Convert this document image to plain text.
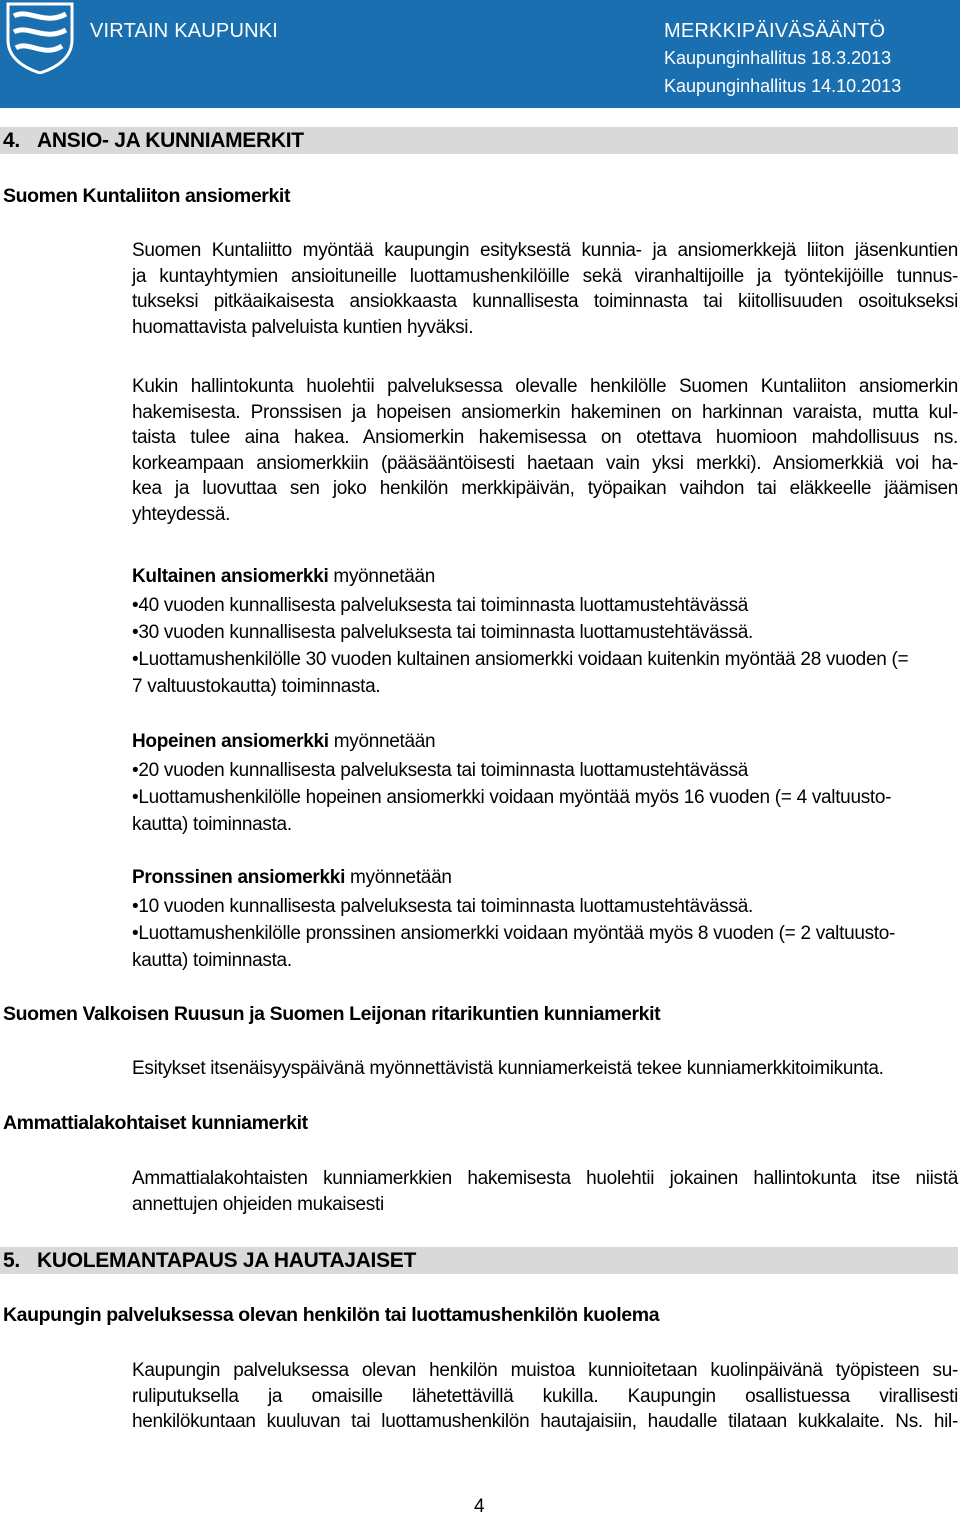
VIRTAIN KAUPUNKI	MERKKIPÄIVÄSÄÄNTÖ
Kaupunginhallitus 18.3.2013
Kaupunginhallitus 14.10.2013
4. ANSIO- JA KUNNIAMERKIT
Suomen Kuntaliiton ansiomerkit
Suomen Kuntaliitto myöntää kaupungin esityksestä kunnia- ja ansiomerkkejä liiton jäsenkuntien
ja kuntayhtymien ansioituneille luottamushenkilöille sekä viranhaltijoille ja työntekijöille tunnus-
tukseksi pitkäaikaisesta ansiokkaasta kunnallisesta toiminnasta tai kiitollisuuden osoitukseksi
huomattavista palveluista kuntien hyväksi.
Kukin hallintokunta huolehtii palveluksessa olevalle henkilölle Suomen Kuntaliiton ansiomerkin
hakemisesta. Pronssisen ja hopeisen ansiomerkin hakeminen on harkinnan varaista, mutta kul-
taista tulee aina hakea. Ansiomerkin hakemisessa on otettava huomioon mahdollisuus ns.
korkeampaan ansiomerkkiin (pääsääntöisesti haetaan vain yksi merkki). Ansiomerkkiä voi ha-
kea ja luovuttaa sen joko henkilön merkkipäivän, työpaikan vaihdon tai eläkkeelle jäämisen
yhteydessä.
Kultainen ansiomerkki myönnetään
•40 vuoden kunnallisesta palveluksesta tai toiminnasta luottamustehtävässä
•30 vuoden kunnallisesta palveluksesta tai toiminnasta luottamustehtävässä.
•Luottamushenkilölle 30 vuoden kultainen ansiomerkki voidaan kuitenkin myöntää 28 vuoden (=
7 valtuustokautta) toiminnasta.
Hopeinen ansiomerkki myönnetään
•20 vuoden kunnallisesta palveluksesta tai toiminnasta luottamustehtävässä
•Luottamushenkilölle hopeinen ansiomerkki voidaan myöntää myös 16 vuoden (= 4 valtuusto-
kautta) toiminnasta.
Pronssinen ansiomerkki myönnetään
•10 vuoden kunnallisesta palveluksesta tai toiminnasta luottamustehtävässä.
•Luottamushenkilölle pronssinen ansiomerkki voidaan myöntää myös 8 vuoden (= 2 valtuusto-
kautta) toiminnasta.
Suomen Valkoisen Ruusun ja Suomen Leijonan ritarikuntien kunniamerkit
Esitykset itsenäisyyspäivänä myönnettävistä kunniamerkeistä tekee kunniamerkkitoimikunta.
Ammattialakohtaiset kunniamerkit
Ammattialakohtaisten kunniamerkkien hakemisesta huolehtii jokainen hallintokunta itse niistä
annettujen ohjeiden mukaisesti
5. KUOLEMANTAPAUS JA HAUTAJAISET
Kaupungin palveluksessa olevan henkilön tai luottamushenkilön kuolema
Kaupungin palveluksessa olevan henkilön muistoa kunnioitetaan kuolinpäivänä työpisteen su-
ruliputuksella ja omaisille lähetettävillä kukilla. Kaupungin osallistuessa virallisesti
henkilökuntaan kuuluvan tai luottamushenkilön hautajaisiin, haudalle tilataan kukkalaite. Ns. hil-
4
